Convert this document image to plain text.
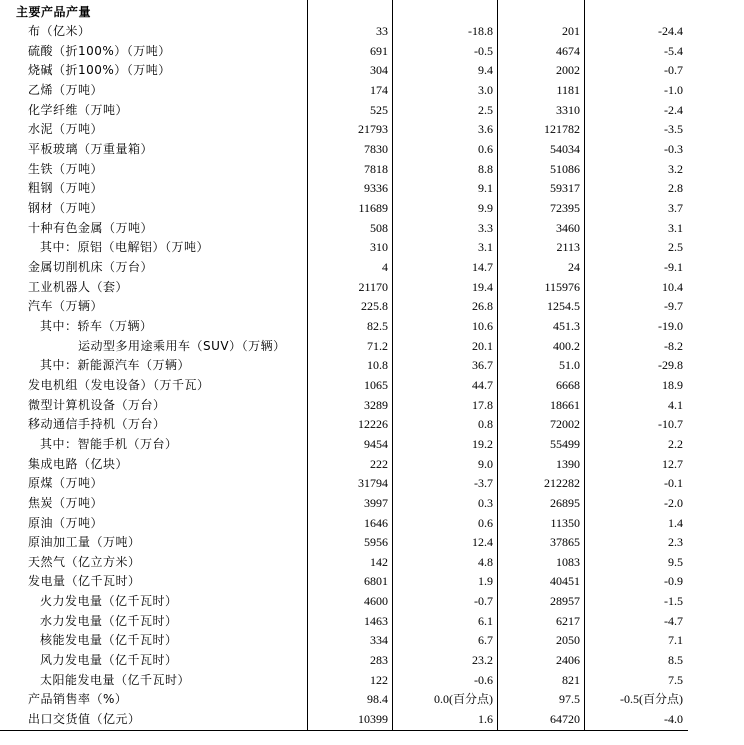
主要产品产量
布（亿米）	33	-18.8	201	-24.4
硫酸（折100%）（万吨）	691	-0.5	4674	-5.4
烧碱（折100%）（万吨）	304	9.4	2002	-0.7
乙烯（万吨）	174	3.0	1181	-1.0
化学纤维（万吨）	525	2.5	3310	-2.4
水泥（万吨）	21793	3.6	121782	-3.5
平板玻璃（万重量箱）	7830	0.6	54034	-0.3
生铁（万吨）	7818	8.8	51086	3.2
粗钢（万吨）	9336	9.1	59317	2.8
钢材（万吨）	11689	9.9	72395	3.7
十种有色金属（万吨）	508	3.3	3460	3.1
其中：原铝（电解铝）（万吨）	310	3.1	2113	2.5
金属切削机床（万台）	4	14.7	24	-9.1
工业机器人（套）	21170	19.4	115976	10.4
汽车（万辆）	225.8	26.8	1254.5	-9.7
其中：轿车（万辆）	82.5	10.6	451.3	-19.0
运动型多用途乘用车（SUV）（万辆）	71.2	20.1	400.2	-8.2
其中：新能源汽车（万辆）	10.8	36.7	51.0	-29.8
发电机组（发电设备）（万千瓦）	1065	44.7	6668	18.9
微型计算机设备（万台）	3289	17.8	18661	4.1
移动通信手持机（万台）	12226	0.8	72002	-10.7
其中：智能手机（万台）	9454	19.2	55499	2.2
集成电路（亿块）	222	9.0	1390	12.7
原煤（万吨）	31794	-3.7	212282	-0.1
焦炭（万吨）	3997	0.3	26895	-2.0
原油（万吨）	1646	0.6	11350	1.4
原油加工量（万吨）	5956	12.4	37865	2.3
天然气（亿立方米）	142	4.8	1083	9.5
发电量（亿千瓦时）	6801	1.9	40451	-0.9
火力发电量（亿千瓦时）	4600	-0.7	28957	-1.5
水力发电量（亿千瓦时）	1463	6.1	6217	-4.7
核能发电量（亿千瓦时）	334	6.7	2050	7.1
风力发电量（亿千瓦时）	283	23.2	2406	8.5
太阳能发电量（亿千瓦时）	122	-0.6	821	7.5
产品销售率（%）	98.4	0.0(百分点)	97.5	-0.5(百分点)
出口交货值（亿元）	10399	1.6	64720	-4.0
